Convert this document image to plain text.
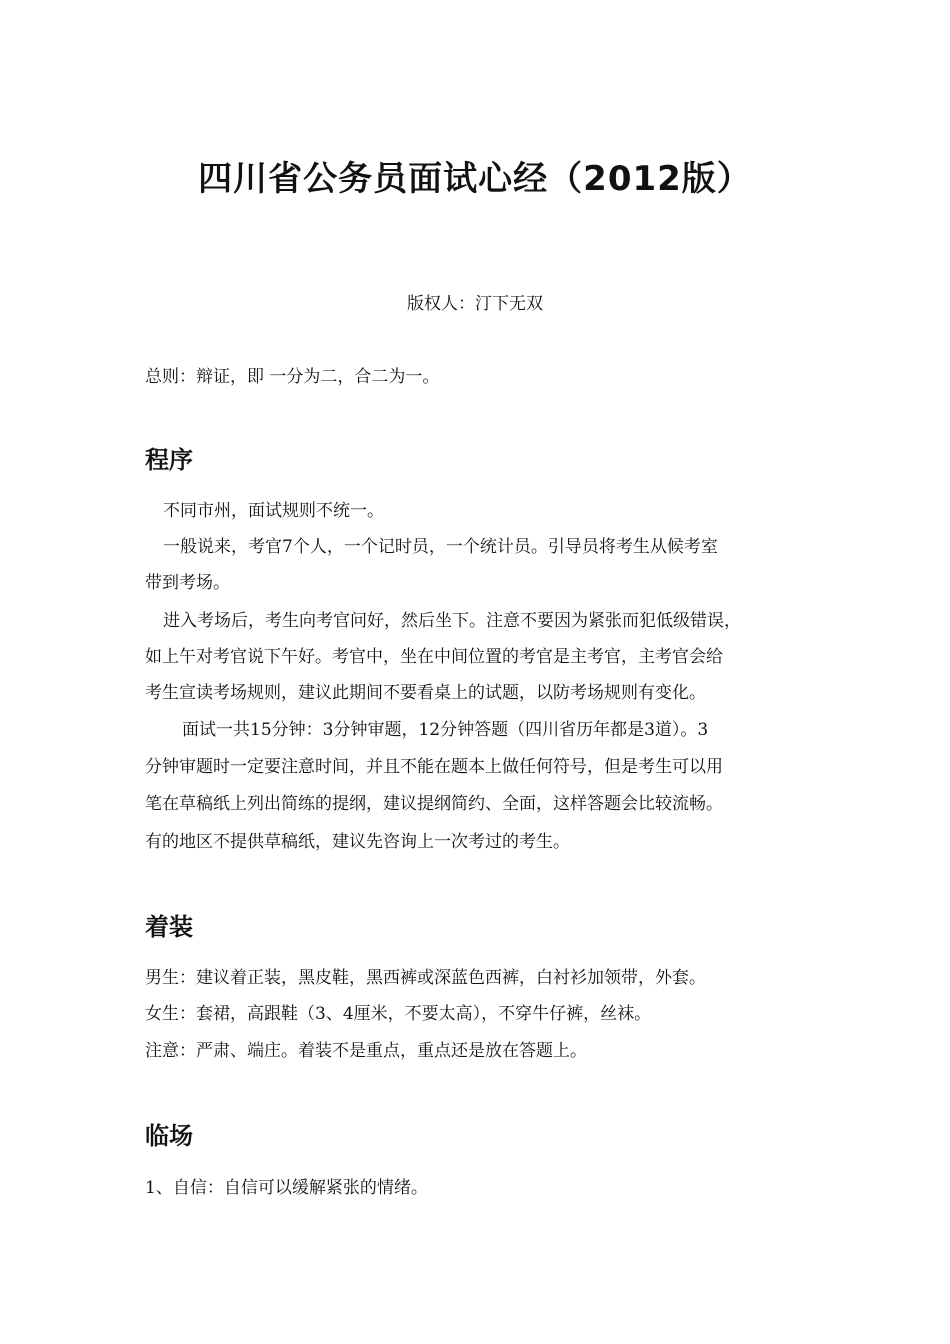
四川省公务员面试心经（2012版）
版权人：汀下无双
总则：辩证，即 一分为二，合二为一。
程序
不同市州，面试规则不统一。
一般说来，考官7个人，一个记时员，一个统计员。引导员将考生从候考室
带到考场。
进入考场后，考生向考官问好，然后坐下。注意不要因为紧张而犯低级错误，
如上午对考官说下午好。考官中，坐在中间位置的考官是主考官，主考官会给
考生宣读考场规则，建议此期间不要看桌上的试题，以防考场规则有变化。
面试一共15分钟：3分钟审题，12分钟答题（四川省历年都是3道）。3
分钟审题时一定要注意时间，并且不能在题本上做任何符号，但是考生可以用
笔在草稿纸上列出简练的提纲，建议提纲简约、全面，这样答题会比较流畅。
有的地区不提供草稿纸，建议先咨询上一次考过的考生。
着装
男生：建议着正装，黑皮鞋，黑西裤或深蓝色西裤，白衬衫加领带，外套。
女生：套裙，高跟鞋（3、4厘米，不要太高），不穿牛仔裤，丝袜。
注意：严肃、端庄。着装不是重点，重点还是放在答题上。
临场
1、自信：自信可以缓解紧张的情绪。
